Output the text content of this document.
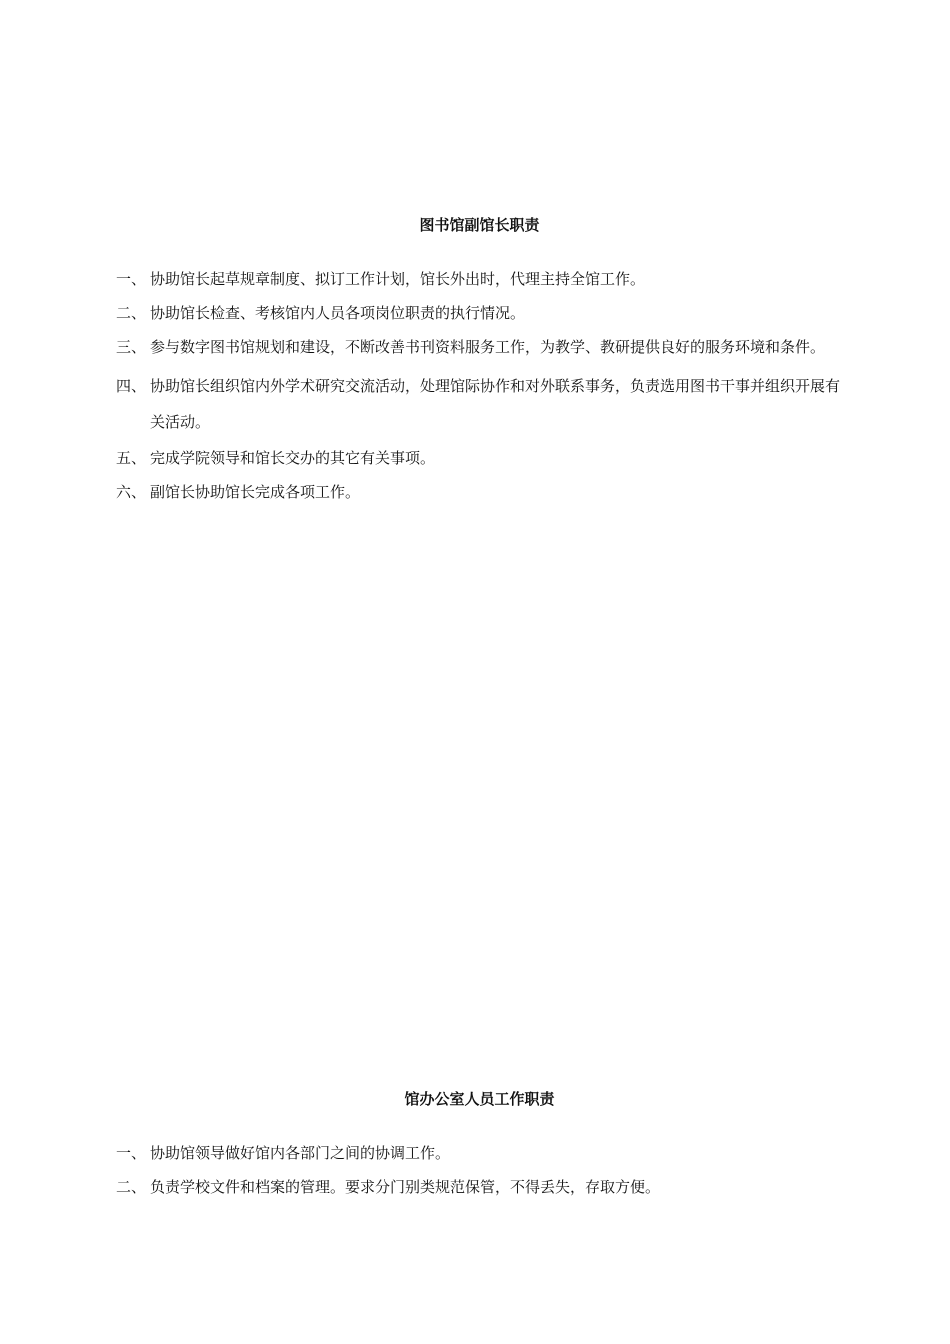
图书馆副馆长职责
一、 协助馆长起草规章制度、拟订工作计划，馆长外出时，代理主持全馆工作。
二、 协助馆长检查、考核馆内人员各项岗位职责的执行情况。
三、 参与数字图书馆规划和建设，不断改善书刊资料服务工作，为教学、教研提供良好的服务环境和条件。
四、 协助馆长组织馆内外学术研究交流活动，处理馆际协作和对外联系事务，负责选用图书干事并组织开展有关活动。
五、 完成学院领导和馆长交办的其它有关事项。
六、 副馆长协助馆长完成各项工作。
馆办公室人员工作职责
一、 协助馆领导做好馆内各部门之间的协调工作。
二、 负责学校文件和档案的管理。要求分门别类规范保管，不得丢失，存取方便。
